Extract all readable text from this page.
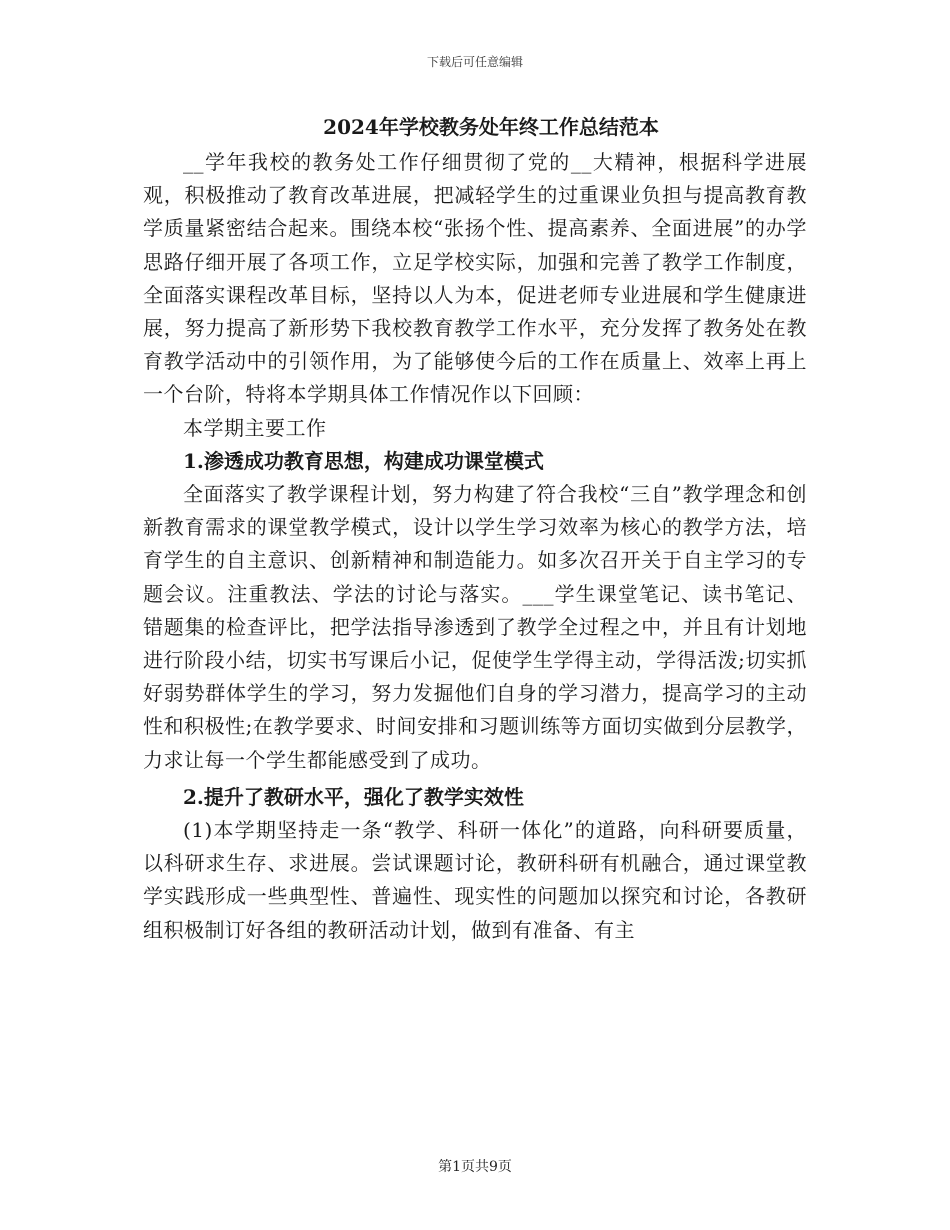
下载后可任意编辑
2024年学校教务处年终工作总结范本

__学年我校的教务处工作仔细贯彻了党的__大精神，根据科学进展观，积极推动了教育改革进展，把减轻学生的过重课业负担与提高教育教学质量紧密结合起来。围绕本校“张扬个性、提高素养、全面进展”的办学思路仔细开展了各项工作，立足学校实际，加强和完善了教学工作制度，全面落实课程改革目标，坚持以人为本，促进老师专业进展和学生健康进展，努力提高了新形势下我校教育教学工作水平，充分发挥了教务处在教育教学活动中的引领作用，为了能够使今后的工作在质量上、效率上再上一个台阶，特将本学期具体工作情况作以下回顾：

本学期主要工作

1.渗透成功教育思想，构建成功课堂模式

全面落实了教学课程计划，努力构建了符合我校“三自”教学理念和创新教育需求的课堂教学模式，设计以学生学习效率为核心的教学方法，培育学生的自主意识、创新精神和制造能力。如多次召开关于自主学习的专题会议。注重教法、学法的讨论与落实。___学生课堂笔记、读书笔记、错题集的检查评比，把学法指导渗透到了教学全过程之中，并且有计划地进行阶段小结，切实书写课后小记，促使学生学得主动，学得活泼;切实抓好弱势群体学生的学习，努力发掘他们自身的学习潜力，提高学习的主动性和积极性;在教学要求、时间安排和习题训练等方面切实做到分层教学，力求让每一个学生都能感受到了成功。

2.提升了教研水平，强化了教学实效性

(1)本学期坚持走一条“教学、科研一体化”的道路，向科研要质量，以科研求生存、求进展。尝试课题讨论，教研科研有机融合，通过课堂教学实践形成一些典型性、普遍性、现实性的问题加以探究和讨论，各教研组积极制订好各组的教研活动计划，做到有准备、有主

第1页共9页
